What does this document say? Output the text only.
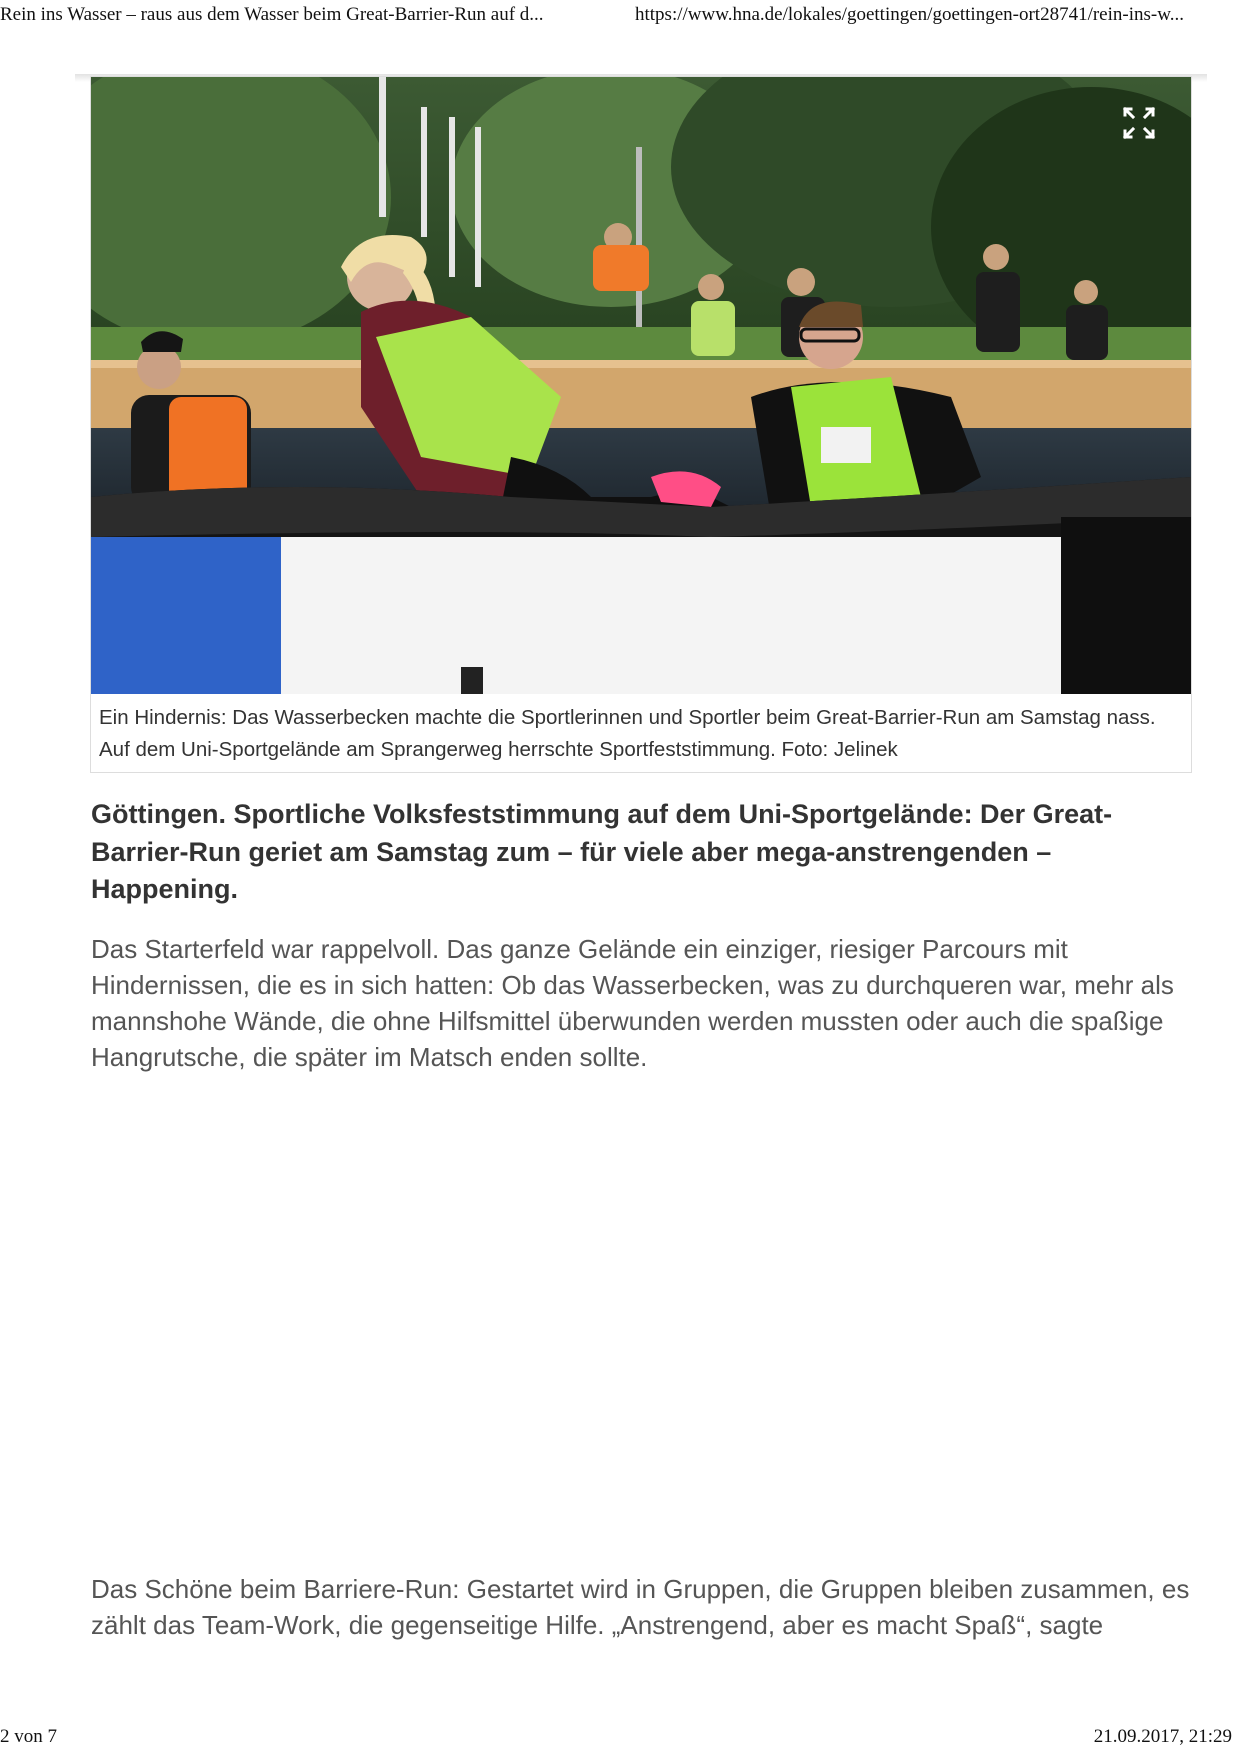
Rein ins Wasser – raus aus dem Wasser beim Great-Barrier-Run auf d...	https://www.hna.de/lokales/goettingen/goettingen-ort28741/rein-ins-w...
Ein Hindernis: Das Wasserbecken machte die Sportlerinnen und Sportler beim Great-Barrier-Run am Samstag nass. Auf dem Uni-Sportgelände am Sprangerweg herrschte Sportfeststimmung. Foto: Jelinek

Göttingen. Sportliche Volksfeststimmung auf dem Uni-Sportgelände: Der Great-Barrier-Run geriet am Samstag zum – für viele aber mega-anstrengenden – Happening.

Das Starterfeld war rappelvoll. Das ganze Gelände ein einziger, riesiger Parcours mit Hindernissen, die es in sich hatten: Ob das Wasserbecken, was zu durchqueren war, mehr als mannshohe Wände, die ohne Hilfsmittel überwunden werden mussten oder auch die spaßige Hangrutsche, die später im Matsch enden sollte.

Das Schöne beim Barriere-Run: Gestartet wird in Gruppen, die Gruppen bleiben zusammen, es zählt das Team-Work, die gegenseitige Hilfe. „Anstrengend, aber es macht Spaß“, sagte

2 von 7	21.09.2017, 21:29
